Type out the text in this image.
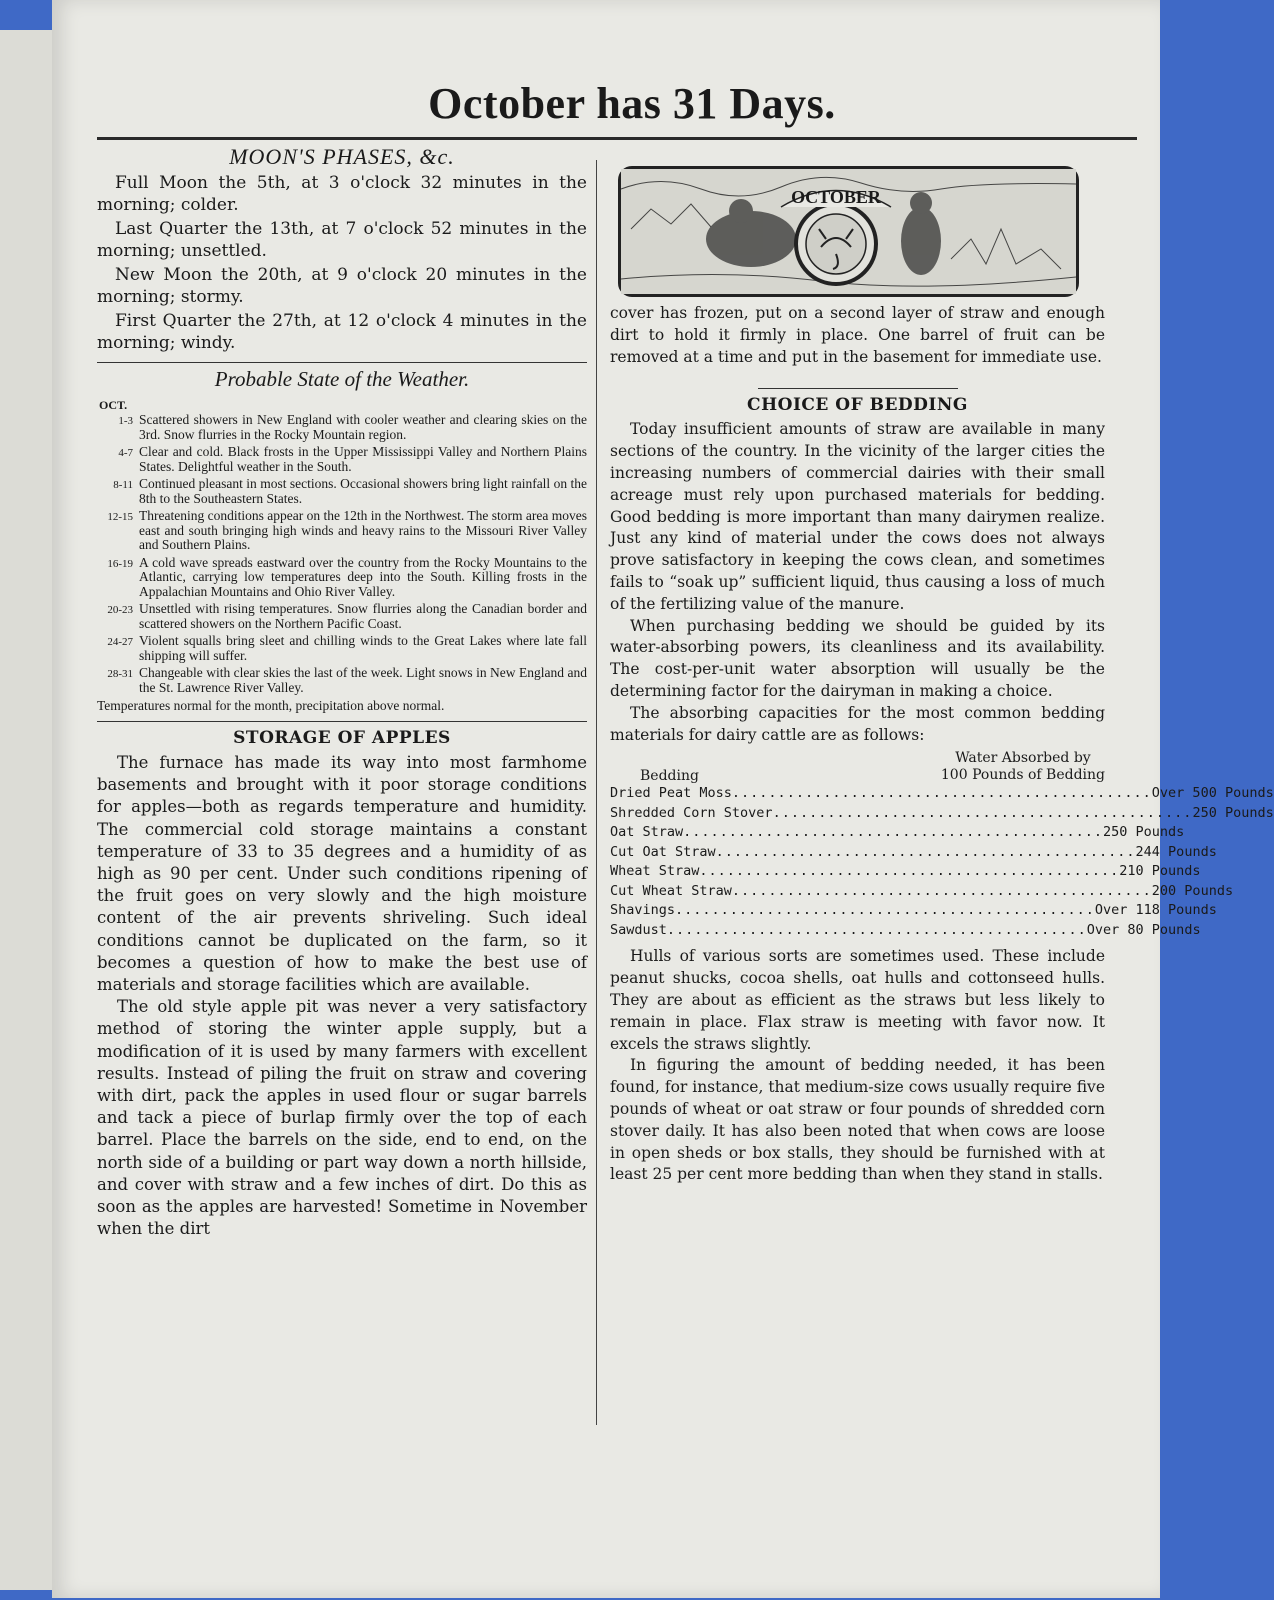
October has 31 Days.
MOON'S PHASES, &c.

Full Moon the 5th, at 3 o'clock 32 minutes in the morning; colder.

Last Quarter the 13th, at 7 o'clock 52 minutes in the morning; unsettled.

New Moon the 20th, at 9 o'clock 20 minutes in the morning; stormy.

First Quarter the 27th, at 12 o'clock 4 minutes in the morning; windy.

Probable State of the Weather.
OCT.
1-3 Scattered showers in New England with cooler weather and clearing skies on the 3rd. Snow flurries in the Rocky Mountain region.
4-7 Clear and cold. Black frosts in the Upper Mississippi Valley and Northern Plains States. Delightful weather in the South.
8-11 Continued pleasant in most sections. Occasional showers bring light rainfall on the 8th to the Southeastern States.
12-15 Threatening conditions appear on the 12th in the Northwest. The storm area moves east and south bringing high winds and heavy rains to the Missouri River Valley and Southern Plains.
16-19 A cold wave spreads eastward over the country from the Rocky Mountains to the Atlantic, carrying low temperatures deep into the South. Killing frosts in the Appalachian Mountains and Ohio River Valley.
20-23 Unsettled with rising temperatures. Snow flurries along the Canadian border and scattered showers on the Northern Pacific Coast.
24-27 Violent squalls bring sleet and chilling winds to the Great Lakes where late fall shipping will suffer.
28-31 Changeable with clear skies the last of the week. Light snows in New England and the St. Lawrence River Valley.
Temperatures normal for the month, precipitation above normal.
STORAGE OF APPLES

The furnace has made its way into most farmhome basements and brought with it poor storage conditions for apples—both as regards temperature and humidity. The commercial cold storage maintains a constant temperature of 33 to 35 degrees and a humidity of as high as 90 per cent. Under such conditions ripening of the fruit goes on very slowly and the high moisture content of the air prevents shriveling. Such ideal conditions cannot be duplicated on the farm, so it becomes a question of how to make the best use of materials and storage facilities which are available.

The old style apple pit was never a very satisfactory method of storing the winter apple supply, but a modification of it is used by many farmers with excellent results. Instead of piling the fruit on straw and covering with dirt, pack the apples in used flour or sugar barrels and tack a piece of burlap firmly over the top of each barrel. Place the barrels on the side, end to end, on the north side of a building or part way down a north hillside, and cover with straw and a few inches of dirt. Do this as soon as the apples are harvested! Sometime in November when the dirt

OCTOBER

cover has frozen, put on a second layer of straw and enough dirt to hold it firmly in place. One barrel of fruit can be removed at a time and put in the basement for immediate use.

CHOICE OF BEDDING

Today insufficient amounts of straw are available in many sections of the country. In the vicinity of the larger cities the increasing numbers of commercial dairies with their small acreage must rely upon purchased materials for bedding. Good bedding is more important than many dairymen realize. Just any kind of material under the cows does not always prove satisfactory in keeping the cows clean, and sometimes fails to “soak up” sufficient liquid, thus causing a loss of much of the fertilizing value of the manure.

When purchasing bedding we should be guided by its water-absorbing powers, its cleanliness and its availability. The cost-per-unit water absorption will usually be the determining factor for the dairyman in making a choice.

The absorbing capacities for the most common bedding materials for dairy cattle are as follows:

Bedding
Water Absorbed by
100 Pounds of Bedding
Dried Peat Moss .............................................. Over 500 Pounds
Shredded Corn Stover .............................................. 250 Pounds
Oat Straw .............................................. 250 Pounds
Cut Oat Straw .............................................. 244 Pounds
Wheat Straw .............................................. 210 Pounds
Cut Wheat Straw .............................................. 200 Pounds
Shavings .............................................. Over 118 Pounds
Sawdust .............................................. Over 80 Pounds

Hulls of various sorts are sometimes used. These include peanut shucks, cocoa shells, oat hulls and cottonseed hulls. They are about as efficient as the straws but less likely to remain in place. Flax straw is meeting with favor now. It excels the straws slightly.

In figuring the amount of bedding needed, it has been found, for instance, that medium-size cows usually require five pounds of wheat or oat straw or four pounds of shredded corn stover daily. It has also been noted that when cows are loose in open sheds or box stalls, they should be furnished with at least 25 per cent more bedding than when they stand in stalls.
